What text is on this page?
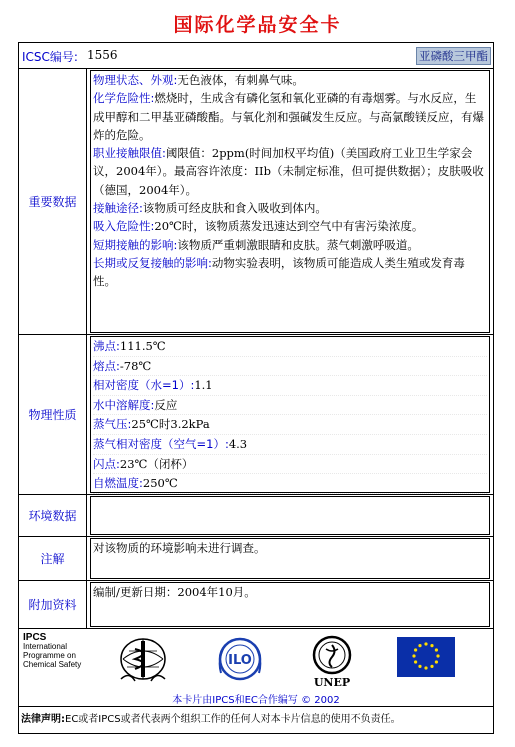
国际化学品安全卡
ICSC编号: 1556	亚磷酸三甲酯
重要数据
物理状态、外观:无色液体，有刺鼻气味。
化学危险性:燃烧时，生成含有磷化氢和氧化亚磷的有毒烟雾。与水反应，生成甲醇和二甲基亚磷酸酯。与氧化剂和强碱发生反应。与高氯酸镁反应，有爆炸的危险。
职业接触限值:阈限值：2ppm(时间加权平均值)（美国政府工业卫生学家会议，2004年）。最高容许浓度：IIb（未制定标准，但可提供数据）；皮肤吸收（德国，2004年）。
接触途径:该物质可经皮肤和食入吸收到体内。
吸入危险性:20℃时，该物质蒸发迅速达到空气中有害污染浓度。
短期接触的影响:该物质严重刺激眼睛和皮肤。蒸气刺激呼吸道。
长期或反复接触的影响:动物实验表明，该物质可能造成人类生殖或发育毒性。
物理性质
沸点:111.5℃
熔点:-78℃
相对密度（水=1）:1.1
水中溶解度:反应
蒸气压:25℃时3.2kPa
蒸气相对密度（空气=1）:4.3
闪点:23℃（闭杯）
自燃温度:250℃
环境数据
注解
对该物质的环境影响未进行调查。
附加资料
编制/更新日期：2004年10月。
IPCS
International
Programme on
Chemical Safety	ILO
UNEP
本卡片由IPCS和EC合作编写 © 2002
法律声明:EC或者IPCS或者代表两个组织工作的任何人对本卡片信息的使用不负责任。
